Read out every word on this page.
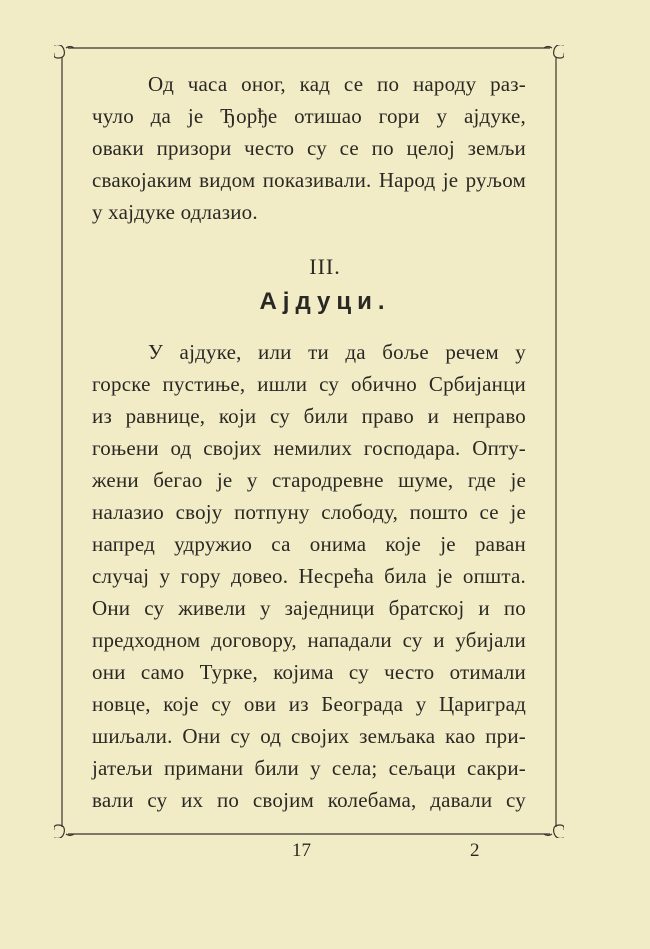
Од часа оног, кад се по народу раз-
чуло да је Ђорђе отишао гори у ајдуке,
оваки призори често су се по целој земљи
свакојаким видом показивали. Народ је руљом
у хајдуке одлазио.
III.
Ајдуци.
У ајдуке, или ти да боље речем у
горске пустиње, ишли су обично Србијанци
из равнице, који су били право и неправо
гоњени од својих немилих господара. Опту-
жени бегао је у стародревне шуме, где је
налазио своју потпуну слободу, пошто се је
напред удружио са онима које је раван
случај у гору довео. Несрећа била је општа.
Они су живели у заједници братској и по
предходном договору, нападали су и убијали
они само Турке, којима су често отимали
новце, које су ови из Београда у Цариград
шиљали. Они су од својих земљака као при-
јатељи примани били у села; сељаци сакри-
вали су их по својим колебама, давали су
17	2
